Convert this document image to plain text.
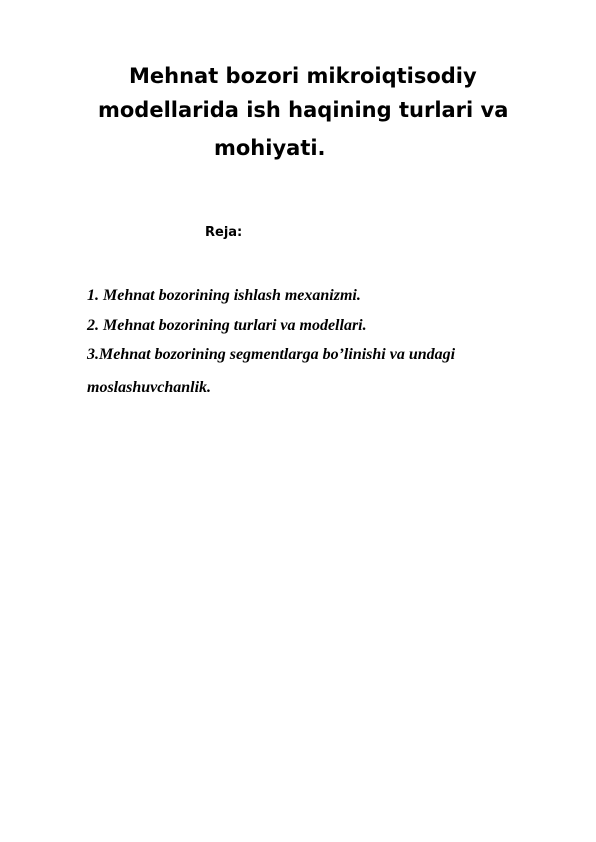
Mehnat bozori mikroiqtisodiy
modellarida ish haqining turlari va
mohiyati.
Reja:
1. Mehnat bozorining ishlash mexanizmi.
2. Mehnat bozorining turlari va modellari.
3.Mehnat bozorining segmentlarga bo’linishi va undagi
moslashuvchanlik.
